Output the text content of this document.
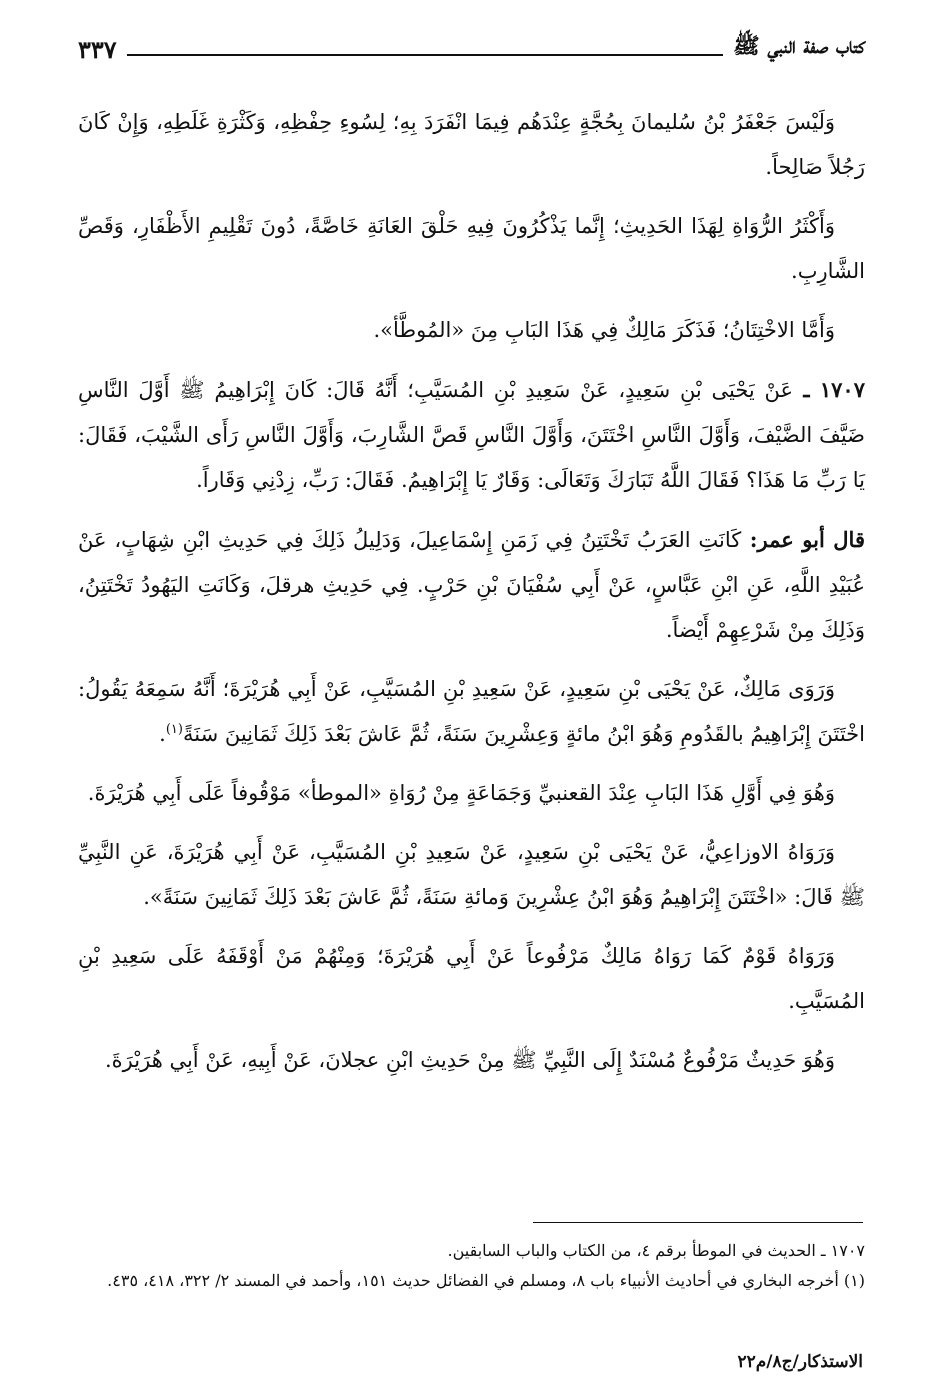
كتاب صفة النبي ﷺ
٣٣٧

وَلَيْسَ جَعْفَرُ بْنُ سُليمانَ بِحُجَّةٍ عِنْدَهُم فِيمَا انْفَرَدَ بِهِ؛ لِسُوءِ حِفْظِهِ، وَكَثْرَةِ غَلَطِهِ، وَإِنْ كَانَ رَجُلاً صَالِحاً.

وَأَكْثَرُ الرُّوَاةِ لِهَذَا الحَدِيثِ؛ إِنَّما يَذْكُرُونَ فِيهِ حَلْقَ العَانَةِ خَاصَّةً، دُونَ تَقْلِيمِ الأَظْفَارِ، وَقَصِّ الشَّارِبِ.

وَأَمَّا الاخْتِتَانُ؛ فَذَكَرَ مَالِكٌ فِي هَذَا البَابِ مِنَ «المُوطَّأ».

١٧٠٧ ـ عَنْ يَحْيَى بْنِ سَعِيدٍ، عَنْ سَعِيدِ بْنِ المُسَيَّبِ؛ أَنَّهُ قَالَ: كَانَ إِبْرَاهِيمُ ﷺ أَوَّلَ النَّاسِ ضَيَّفَ الضَّيْفَ، وَأَوَّلَ النَّاسِ اخْتَتَنَ، وَأَوَّلَ النَّاسِ قَصَّ الشَّارِبَ، وَأَوَّلَ النَّاسِ رَأَى الشَّيْبَ، فَقَالَ: يَا رَبِّ مَا هَذَا؟ فَقَالَ اللَّهُ تَبَارَكَ وَتَعَالَى: وَقَارٌ يَا إِبْرَاهِيمُ. فَقَالَ: رَبِّ، زِدْنِي وَقَاراً.

قال أبو عمر: كَانَتِ العَرَبُ تَخْتَتِنُ فِي زَمَنِ إِسْمَاعِيلَ، وَدَلِيلُ ذَلِكَ فِي حَدِيثِ ابْنِ شِهَابٍ، عَنْ عُبَيْدِ اللَّهِ، عَنِ ابْنِ عَبَّاسٍ، عَنْ أَبِي سُفْيَانَ بْنِ حَرْبٍ. فِي حَدِيثِ هرقلَ، وَكَانَتِ اليَهُودُ تَخْتَتِنُ، وَذَلِكَ مِنْ شَرْعِهِمْ أَيْضاً.

وَرَوَى مَالِكٌ، عَنْ يَحْيَى بْنِ سَعِيدٍ، عَنْ سَعِيدِ بْنِ المُسَيَّبِ، عَنْ أَبِي هُرَيْرَةَ؛ أَنَّهُ سَمِعَهُ يَقُولُ: اخْتَتَنَ إِبْرَاهِيمُ بالقَدُومِ وَهُوَ ابْنُ مائةٍ وَعِشْرِينَ سَنَةً، ثُمَّ عَاشَ بَعْدَ ذَلِكَ ثَمَانِينَ سَنَةً$^{(١)}$.

وَهُوَ فِي أَوَّلِ هَذَا البَابِ عِنْدَ القعنبيِّ وَجَمَاعَةٍ مِنْ رُوَاةِ «الموطأ» مَوْقُوفاً عَلَى أَبِي هُرَيْرَةَ.

وَرَوَاهُ الاوزاعِيُّ، عَنْ يَحْيَى بْنِ سَعِيدٍ، عَنْ سَعِيدِ بْنِ المُسَيَّبِ، عَنْ أَبِي هُرَيْرَةَ، عَنِ النَّبِيِّ ﷺ قَالَ: «اخْتَتَنَ إِبْرَاهِيمُ وَهُوَ ابْنُ عِشْرِينَ وَمائةِ سَنَةً، ثُمَّ عَاشَ بَعْدَ ذَلِكَ ثَمَانِينَ سَنَةً».

وَرَوَاهُ قَوْمٌ كَمَا رَوَاهُ مَالِكٌ مَرْفُوعاً عَنْ أَبِي هُرَيْرَةَ؛ وَمِنْهُمْ مَنْ أَوْقَفَهُ عَلَى سَعِيدِ بْنِ المُسَيَّبِ.

وَهُوَ حَدِيثٌ مَرْفُوعٌ مُسْنَدٌ إِلَى النَّبِيِّ ﷺ مِنْ حَدِيثِ ابْنِ عجلانَ، عَنْ أَبِيهِ، عَنْ أَبِي هُرَيْرَةَ.

١٧٠٧ ـ الحديث في الموطأ برقم ٤، من الكتاب والباب السابقين.

(١) أخرجه البخاري في أحاديث الأنبياء باب ٨، ومسلم في الفضائل حديث ١٥١، وأحمد في المسند ٢/ ٣٢٢، ٤١٨، ٤٣٥.

الاستذكار/ج٨/م٢٢
